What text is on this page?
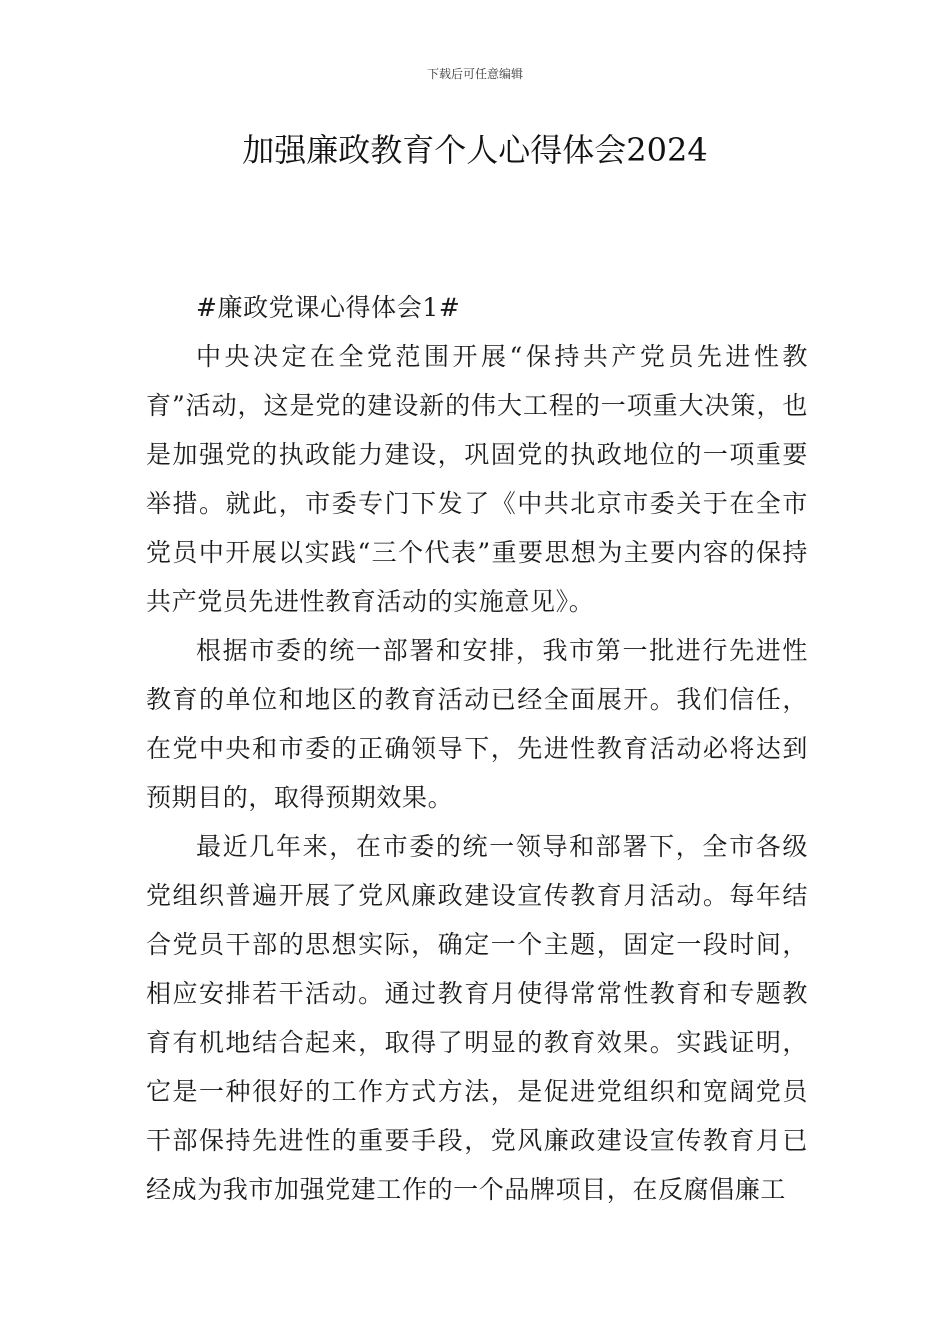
下载后可任意编辑
加强廉政教育个人心得体会2024

#廉政党课心得体会1#

中央决定在全党范围开展“保持共产党员先进性教育”活动，这是党的建设新的伟大工程的一项重大决策，也是加强党的执政能力建设，巩固党的执政地位的一项重要举措。就此，市委专门下发了《中共北京市委关于在全市党员中开展以实践“三个代表”重要思想为主要内容的保持共产党员先进性教育活动的实施意见》。

根据市委的统一部署和安排，我市第一批进行先进性教育的单位和地区的教育活动已经全面展开。我们信任，在党中央和市委的正确领导下，先进性教育活动必将达到预期目的，取得预期效果。

最近几年来，在市委的统一领导和部署下，全市各级党组织普遍开展了党风廉政建设宣传教育月活动。每年结合党员干部的思想实际，确定一个主题，固定一段时间，相应安排若干活动。通过教育月使得常常性教育和专题教育有机地结合起来，取得了明显的教育效果。实践证明，它是一种很好的工作方式方法，是促进党组织和宽阔党员干部保持先进性的重要手段，党风廉政建设宣传教育月已经成为我市加强党建工作的一个品牌项目，在反腐倡廉工
